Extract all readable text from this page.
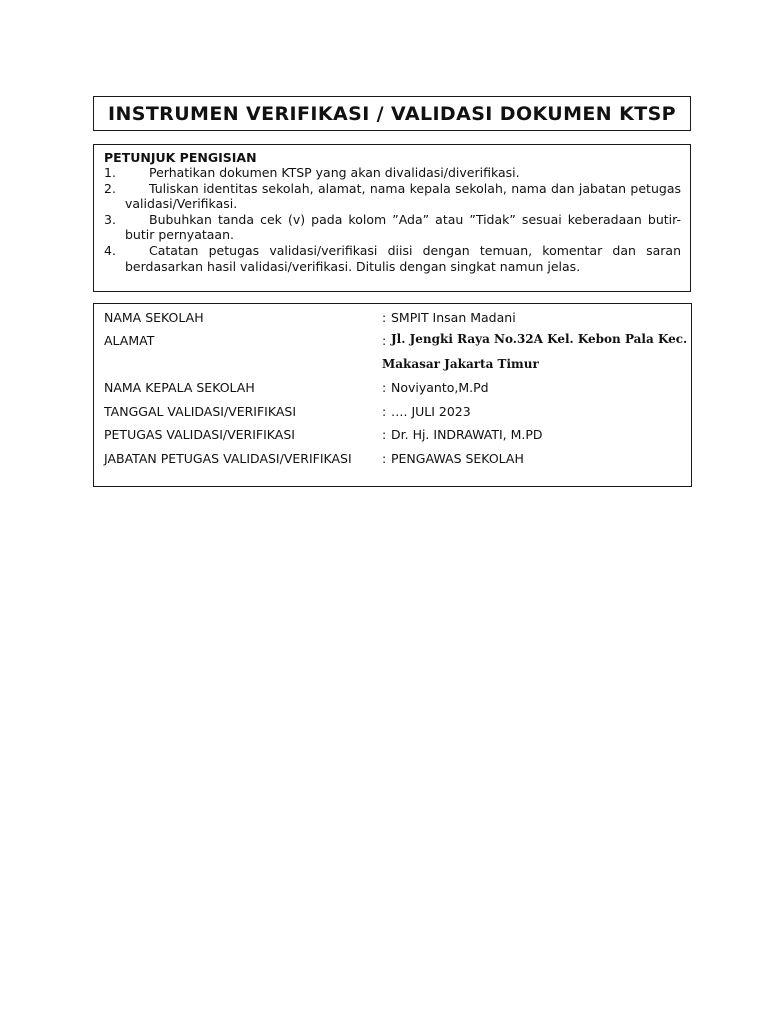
INSTRUMEN VERIFIKASI / VALIDASI DOKUMEN KTSP

PETUNJUK PENGISIAN

1.	Perhatikan dokumen KTSP yang akan divalidasi/diverifikasi.
2.	Tuliskan identitas sekolah, alamat, nama kepala sekolah, nama dan jabatan petugas validasi/Verifikasi.
3.	Bubuhkan tanda cek (v) pada kolom ”Ada” atau ”Tidak” sesuai keberadaan butir-butir pernyataan.
4.	Catatan petugas validasi/verifikasi diisi dengan temuan, komentar dan saran berdasarkan hasil validasi/verifikasi. Ditulis dengan singkat namun jelas.
NAMA SEKOLAH	: SMPIT Insan Madani
ALAMAT	: Jl. Jengki Raya No.32A Kel. Kebon Pala Kec.
Makasar Jakarta Timur
NAMA KEPALA SEKOLAH	: Noviyanto,M.Pd
TANGGAL VALIDASI/VERIFIKASI	: …. JULI 2023
PETUGAS VALIDASI/VERIFIKASI	: Dr. Hj. INDRAWATI, M.PD
JABATAN PETUGAS VALIDASI/VERIFIKASI : PENGAWAS SEKOLAH
